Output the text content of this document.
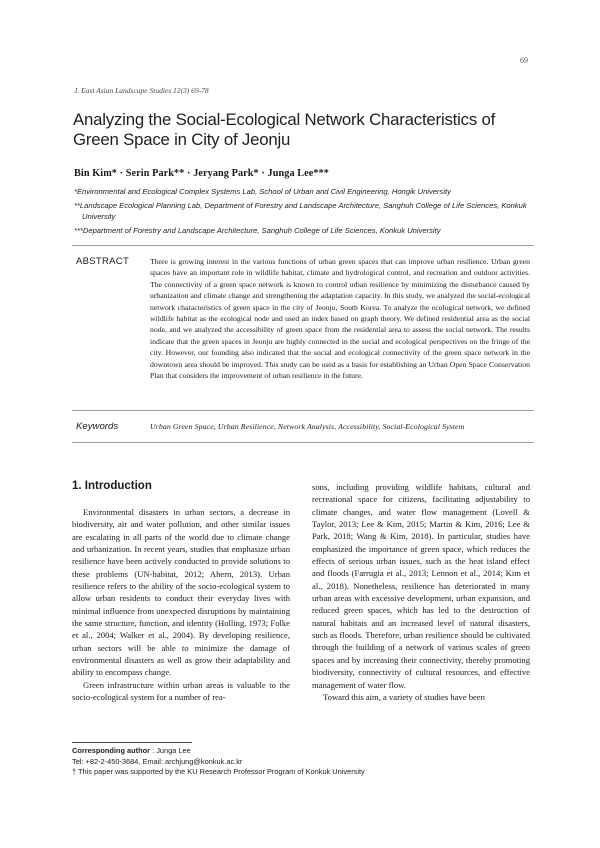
69
J. East Asian Landscape Studies 12(3) 69-78
Analyzing the Social-Ecological Network Characteristics of Green Space in City of Jeonju
Bin Kim* · Serin Park** · Jeryang Park* · Junga Lee***

*Environmental and Ecological Complex Systems Lab, School of Urban and Civil Engineering, Hongik University

**Landscape Ecological Planning Lab, Department of Forestry and Landscape Architecture, Sanghuh College of Life Sciences, Konkuk University

***Department of Forestry and Landscape Architecture, Sanghuh College of Life Sciences, Konkuk University

ABSTRACT	There is growing interest in the various functions of urban green spaces that can improve urban resilience. Urban green spaces have an important role in wildlife habitat, climate and hydrological control, and recreation and outdoor activities. The connectivity of a green space network is known to control urban resilience by minimizing the disturbance caused by urbanization and climate change and strengthening the adaptation capacity. In this study, we analyzed the social-ecological network characteristics of green space in the city of Jeonju, South Korea. To analyze the ecological network, we defined wildlife habitat as the ecological node and used an index based on graph theory. We defined residential area as the social node, and we analyzed the accessibility of green space from the residential area to assess the social network. The results indicate that the green spaces in Jeonju are highly connected in the social and ecological perspectives on the fringe of the city. However, our founding also indicated that the social and ecological connectivity of the green space network in the downtown area should be improved. This study can be used as a basis for establishing an Urban Open Space Conservation Plan that considers the improvement of urban resilience in the future.

Keywords	Urban Green Space, Urban Resilience, Network Analysis, Accessibility, Social-Ecological System
1. Introduction

Environmental disasters in urban sectors, a decrease in biodiversity, air and water pollution, and other similar issues are escalating in all parts of the world due to climate change and urbanization. In recent years, studies that emphasize urban resilience have been actively conducted to provide solutions to these problems (UN-habitat, 2012; Ahern, 2013). Urban resilience refers to the ability of the socio-ecological system to allow urban residents to conduct their everyday lives with minimal influence from unexpected disruptions by maintaining the same structure, function, and identity (Holling, 1973; Folke et al., 2004; Walker et al., 2004). By developing resilience, urban sectors will be able to minimize the damage of environmental disasters as well as grow their adaptability and ability to encompass change.

Green infrastructure within urban areas is valuable to the socio-ecological system for a number of rea-

sons, including providing wildlife habitats, cultural and recreational space for citizens, facilitating adjustability to climate changes, and water flow management (Lovell & Taylor, 2013; Lee & Kim, 2015; Martin & Kim, 2016; Lee & Park, 2018; Wang & Kim, 2018). In particular, studies have emphasized the importance of green space, which reduces the effects of serious urban issues, such as the heat island effect and floods (Farrugia et al., 2013; Lennon et al., 2014; Kim et al., 2018). Nonetheless, resilience has deteriorated in many urban areas with excessive development, urban expansion, and reduced green spaces, which has led to the destruction of natural habitats and an increased level of natural disasters, such as floods. Therefore, urban resilience should be cultivated through the building of a network of various scales of green spaces and by increasing their connectivity, thereby promoting biodiversity, connectivity of cultural resources, and effective management of water flow.

Toward this aim, a variety of studies have been

Corresponding author : Junga Lee

Tel: +82-2-450-3684, Email: archjung@konkuk.ac.kr

† This paper was supported by the KU Research Professor Program of Konkuk University
